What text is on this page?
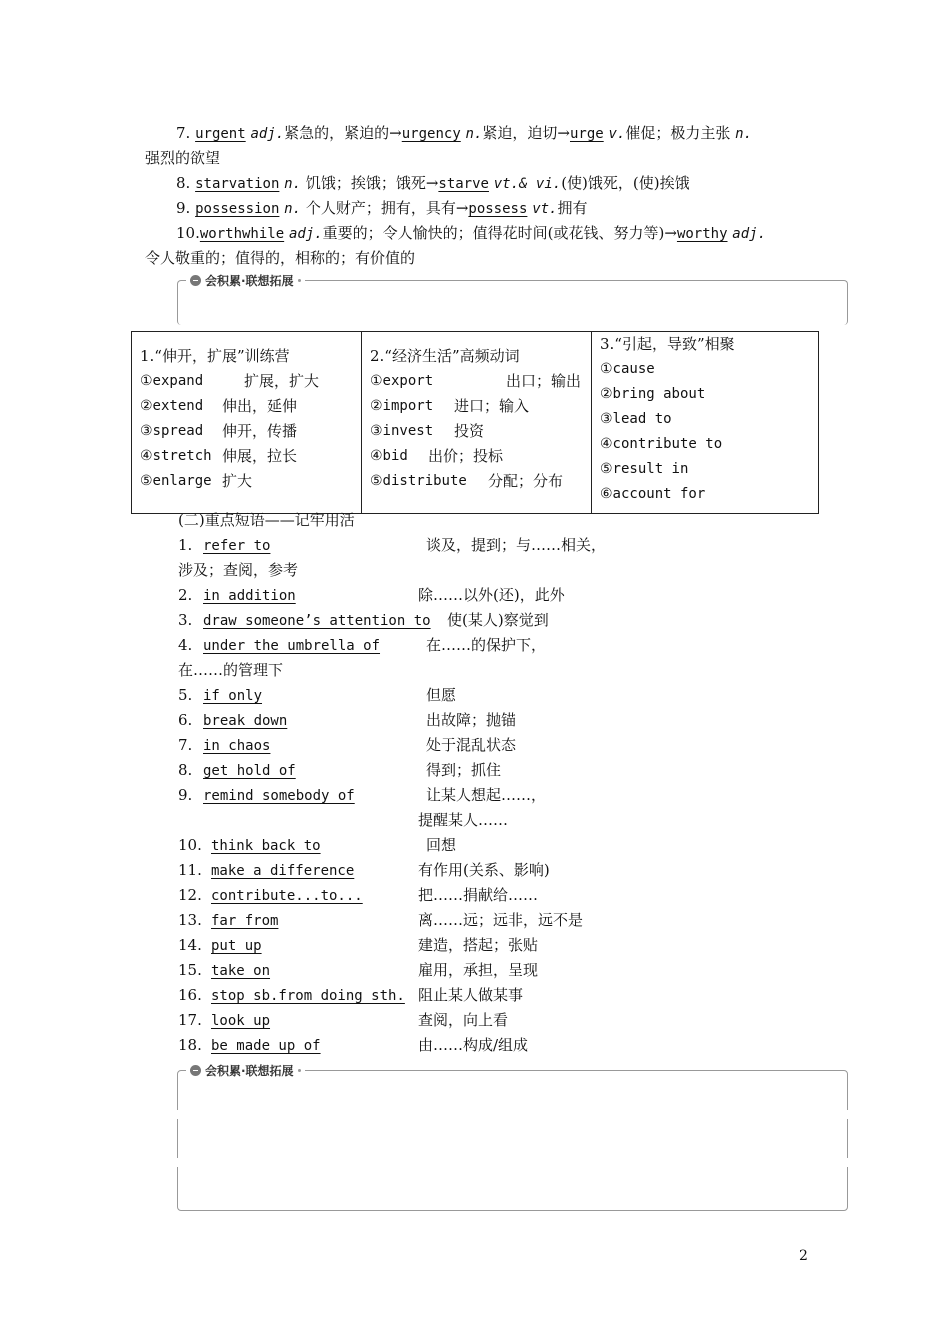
7. urgent adj.紧急的，紧迫的→urgency n.紧迫，迫切→urge v.催促；极力主张 n.
强烈的欲望
8. starvation n. 饥饿；挨饿；饿死→starve vt.& vi.(使)饿死，(使)挨饿
9. possession n. 个人财产；拥有，具有→possess vt.拥有
10.worthwhile adj.重要的；令人愉快的；值得花时间(或花钱、努力等)→worthy adj.
令人敬重的；值得的，相称的；有价值的
会积累·联想拓展
1.“伸开，扩展”训练营
①expand	扩展，扩大
②extend	伸出，延伸
③spread	伸开，传播
④stretch 伸展，拉长
⑤enlarge 扩大

2.“经济生活”高频动词
①export	出口；输出
②import	进口；输入
③invest	投资
④bid	出价；投标
⑤distribute	分配；分布

3.“引起，导致”相聚
①cause
②bring about
③lead to
④contribute to
⑤result in
⑥account for
(二)重点短语——记牢用活
1. refer to	谈及，提到；与……相关，
涉及；查阅，参考
2. in addition	除……以外(还)，此外
3. draw someone’s attention to 使(某人)察觉到
4. under the umbrella of	在……的保护下，
在……的管理下
5. if only	但愿
6. break down	出故障；抛锚
7. in chaos	处于混乱状态
8. get hold of	得到；抓住
9. remind somebody of	让某人想起……，
提醒某人……
10. think back to	回想
11. make a difference	有作用(关系、影响)
12. contribute...to...	把……捐献给……
13. far from	离……远；远非，远不是
14. put up	建造，搭起；张贴
15. take on	雇用，承担，呈现
16. stop sb.from doing sth. 阻止某人做某事
17. look up	查阅，向上看
18. be made up of	由……构成/组成
会积累·联想拓展
2
